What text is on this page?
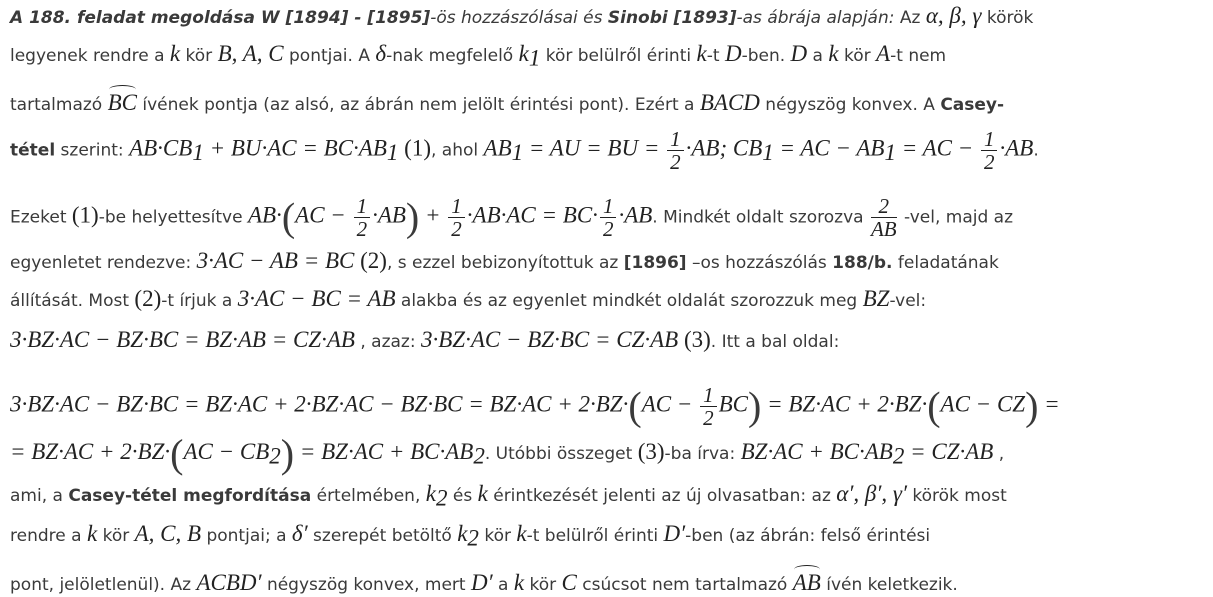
A 188. feladat megoldása W [1894] - [1895]-ös hozzászólásai és Sinobi [1893]-as ábrája alapján: Az α, β, γ körök
legyenek rendre a k kör B, A, C pontjai. A δ-nak megfelelő $k_1$ kör belülről érinti k-t D-ben. D a k kör A-t nem
tartalmazó BC ívének pontja (az alsó, az ábrán nem jelölt érintési pont). Ezért a BACD négyszög konvex. A Casey-
tétel szerint: $AB\cdot CB_1 + BU\cdot AC = BC\cdot AB_1$ (1), ahol $AB_1$ = AU = BU = $\frac{1}{2} \cdot AB$; $CB_1$ = AC − $AB_1$ = AC − $\frac{1}{2} \cdot AB$.
Ezeket (1)-be helyettesítve $AB\cdot(AC - \frac{1}{2} \cdot AB) + \frac{1}{2} \cdot AB\cdot AC = BC\cdot \frac{1}{2} \cdot AB$. Mindkét oldalt szorozva $\frac{2}{AB} -vel$, majd az
egyenletet rendezve: 3·AC − AB = BC (2), s ezzel bebizonyítottuk az [1896] –os hozzászólás 188/b. feladatának
állítását. Most (2)-t írjuk a 3·AC − BC = AB alakba és az egyenlet mindkét oldalát szorozzuk meg BZ-vel:
3·BZ·AC − BZ·BC = BZ·AB = CZ·AB , azaz: 3·BZ·AC − BZ·BC = CZ·AB (3). Itt a bal oldal:
$3\cdot BZ\cdot AC - BZ\cdot BC = BZ\cdot AC + 2\cdot BZ\cdot AC - BZ\cdot BC = BZ\cdot AC + 2\cdot BZ\cdot(AC - \frac{1}{2} BC) = BZ\cdot AC + 2\cdot BZ\cdot(AC - CZ)$ =
= $BZ\cdot AC + 2\cdot BZ\cdot(AC - CB_2) = BZ\cdot AC + BC\cdot AB_2$. Utóbbi összeget (3)-ba írva: $BZ\cdot AC + BC\cdot AB_2 = CZ\cdot AB$ ,
ami, a Casey-tétel megfordítása értelmében, $k_2$ és k érintkezését jelenti az új olvasatban: az α′, β′, γ′ körök most
rendre a k kör A, C, B pontjai; a δ′ szerepét betöltő $k_2$ kör k-t belülről érinti D′-ben (az ábrán: felső érintési
pont, jelöletlenül). Az ACBD′ négyszög konvex, mert D′ a k kör C csúcsot nem tartalmazó AB ívén keletkezik.
